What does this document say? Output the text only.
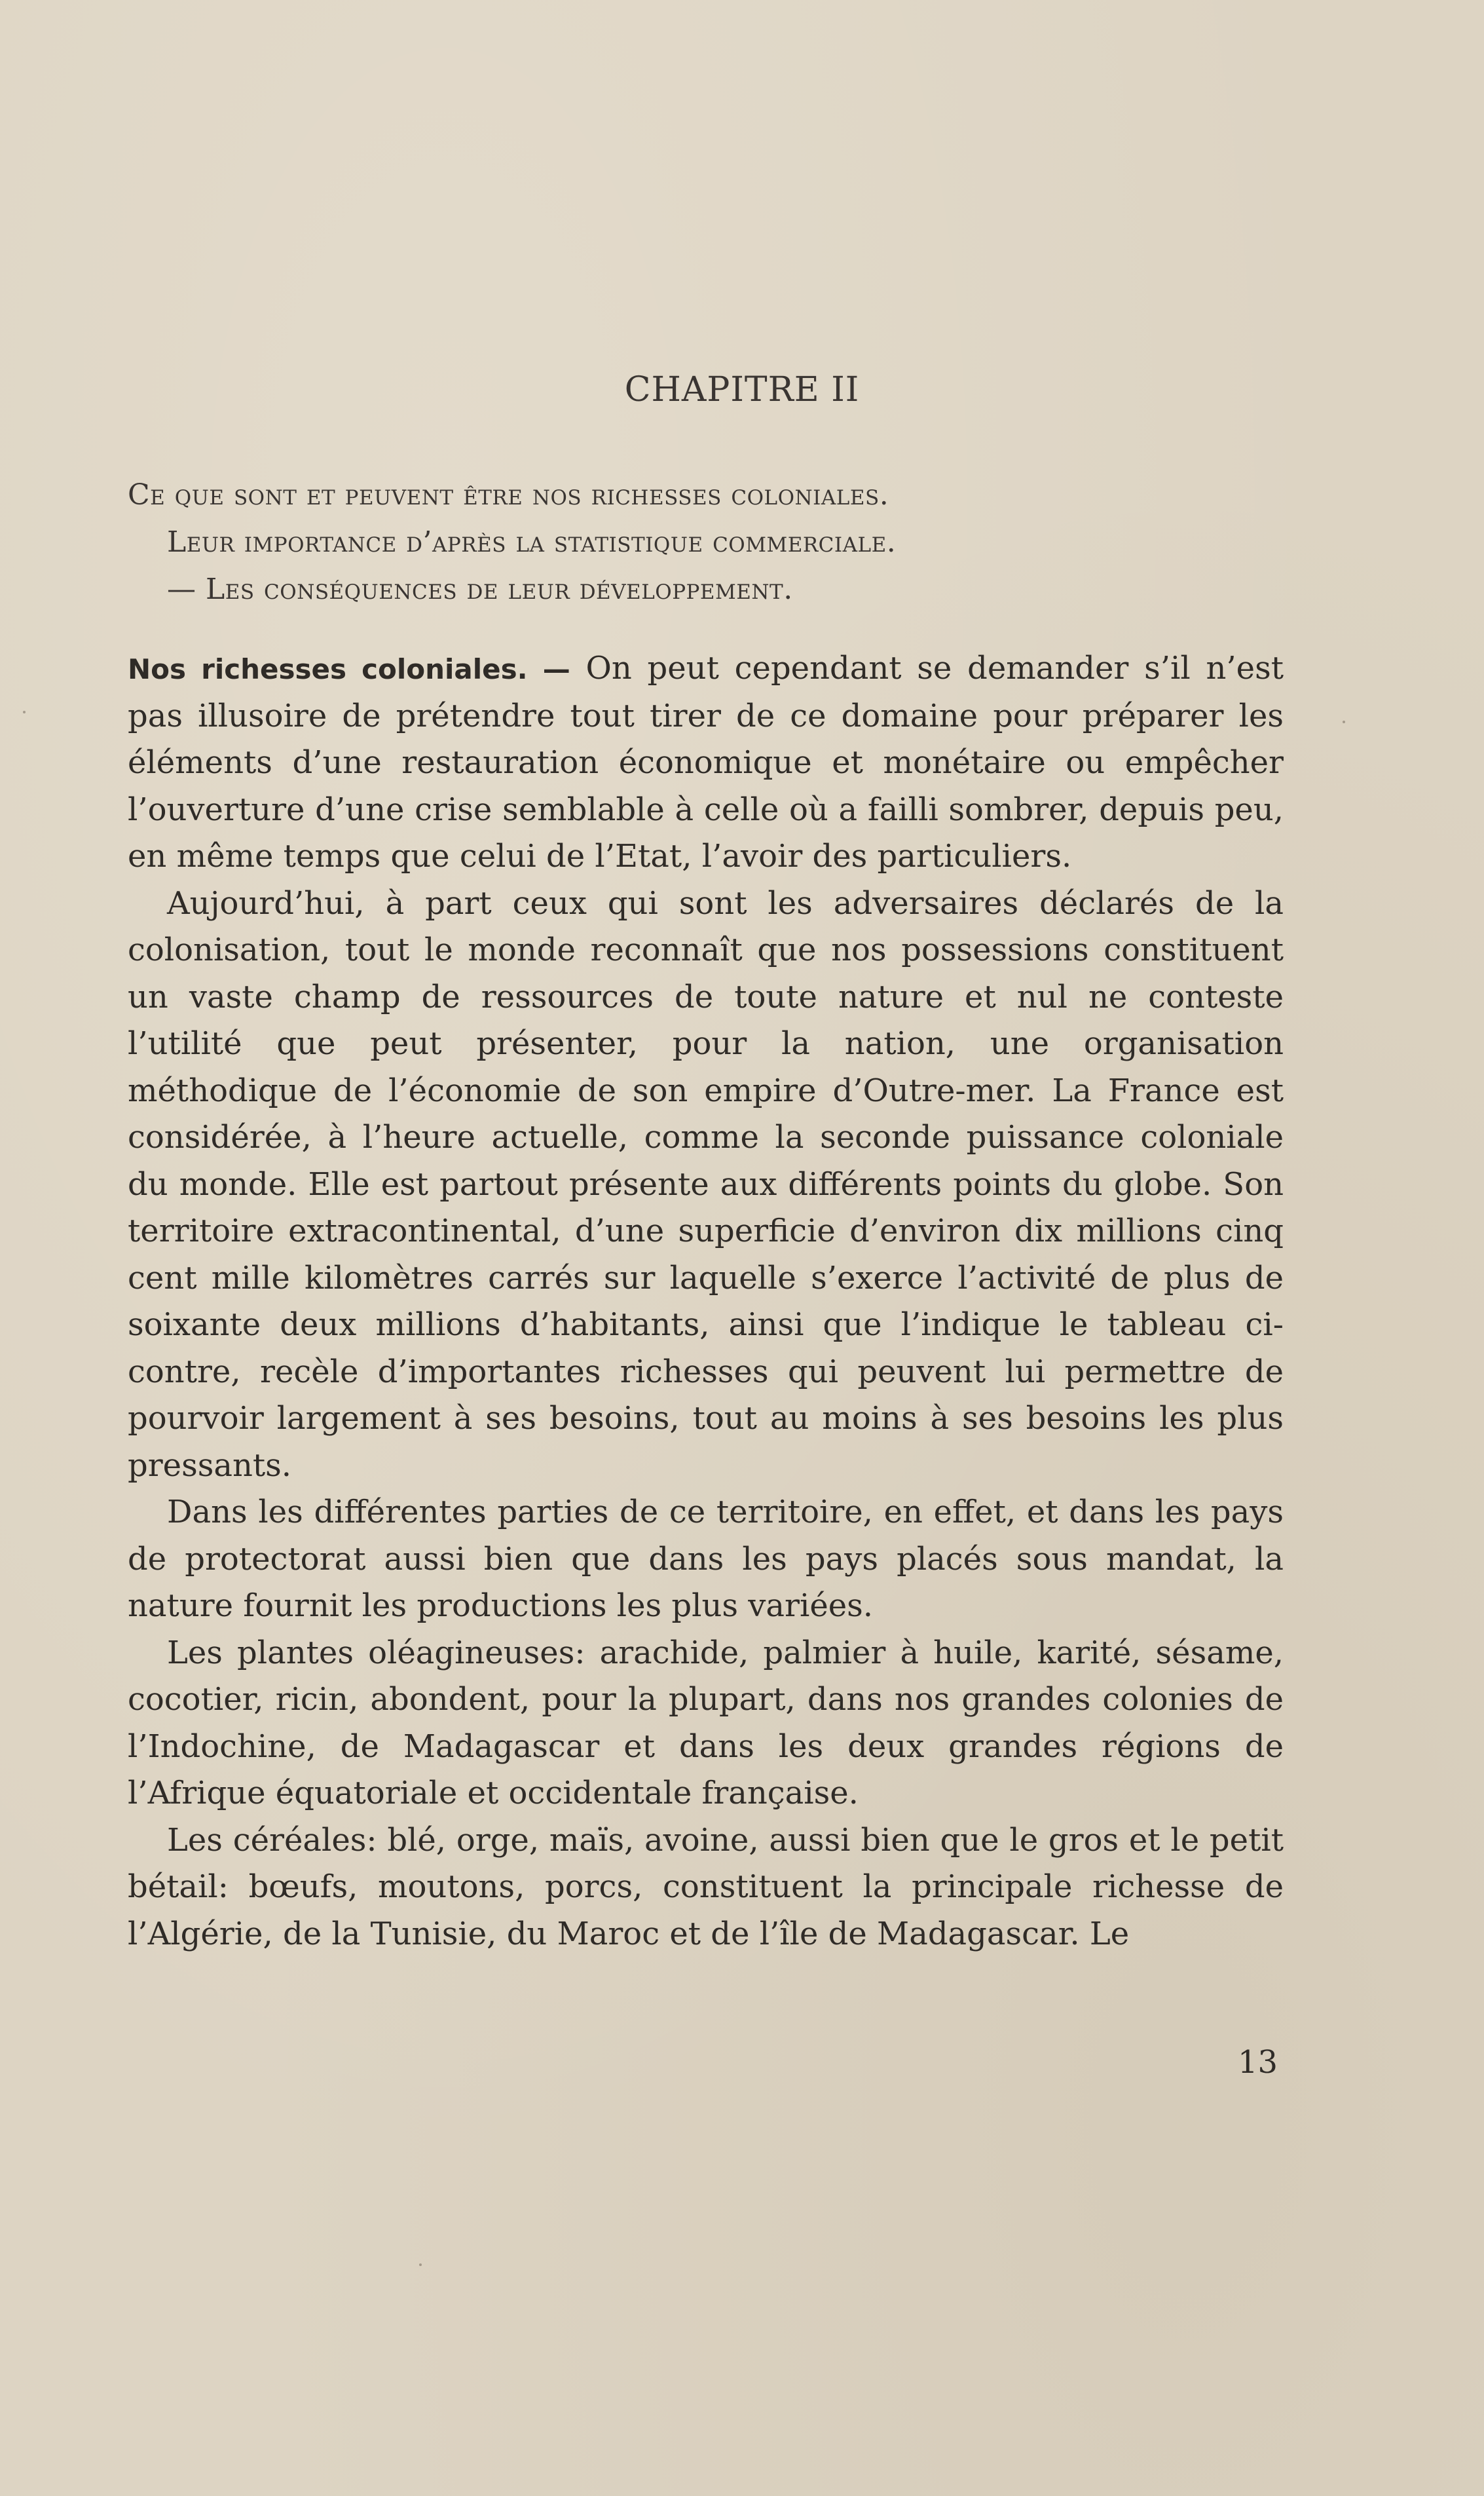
CHAPITRE II
Ce que sont et peuvent être nos richesses coloniales.
Leur importance d’après la statistique commerciale.
— Les conséquences de leur développement.

Nos richesses coloniales. — On peut cependant se demander s’il n’est pas illusoire de prétendre tout tirer de ce domaine pour préparer les éléments d’une restauration économique et monétaire ou empêcher l’ouverture d’une crise semblable à celle où a failli sombrer, depuis peu, en même temps que celui de l’Etat, l’avoir des particuliers.

Aujourd’hui, à part ceux qui sont les adversaires déclarés de la colonisation, tout le monde reconnaît que nos possessions constituent un vaste champ de ressources de toute nature et nul ne conteste l’utilité que peut présenter, pour la nation, une organisation méthodique de l’économie de son empire d’Outre-mer. La France est considérée, à l’heure actuelle, comme la seconde puissance coloniale du monde. Elle est partout présente aux différents points du globe. Son territoire extracontinental, d’une superficie d’environ dix millions cinq cent mille kilomètres carrés sur laquelle s’exerce l’activité de plus de soixante deux millions d’habitants, ainsi que l’indique le tableau ci-contre, recèle d’importantes richesses qui peuvent lui permettre de pourvoir largement à ses besoins, tout au moins à ses besoins les plus pressants.

Dans les différentes parties de ce territoire, en effet, et dans les pays de protectorat aussi bien que dans les pays placés sous mandat, la nature fournit les productions les plus variées.

Les plantes oléagineuses: arachide, palmier à huile, karité, sésame, cocotier, ricin, abondent, pour la plupart, dans nos grandes colonies de l’Indochine, de Madagascar et dans les deux grandes régions de l’Afrique équatoriale et occidentale française.

Les céréales: blé, orge, maïs, avoine, aussi bien que le gros et le petit bétail: bœufs, moutons, porcs, constituent la principale richesse de l’Algérie, de la Tunisie, du Maroc et de l’île de Madagascar. Le

13
